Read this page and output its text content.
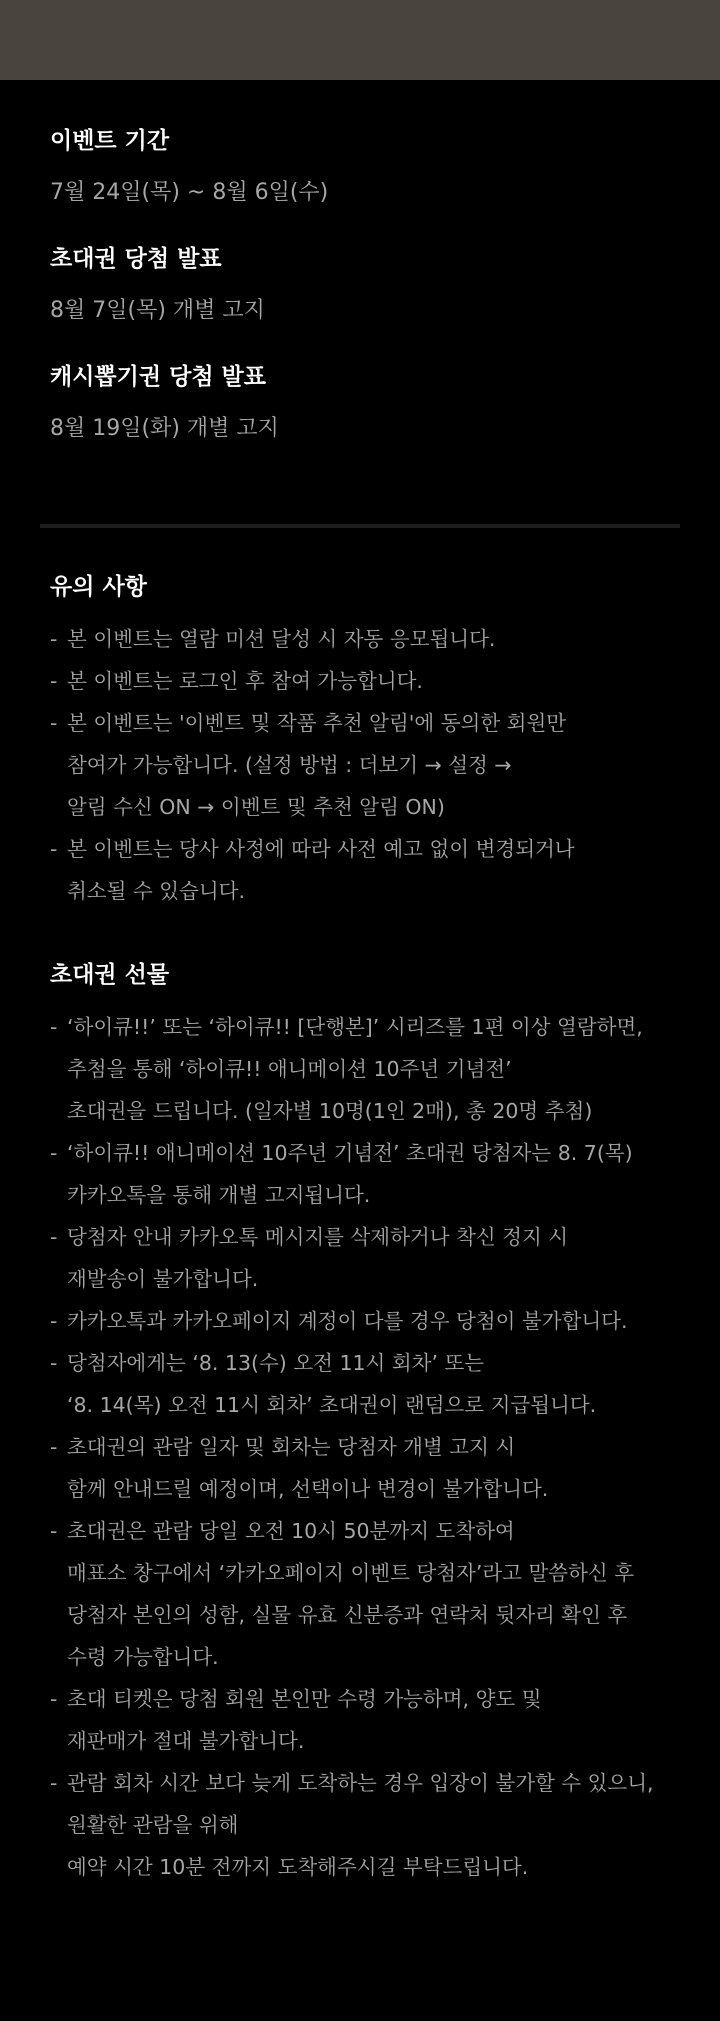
이벤트 기간

7월 24일(목) ~ 8월 6일(수)

초대권 당첨 발표

8월 7일(목) 개별 고지

캐시뽑기권 당첨 발표

8월 19일(화) 개별 고지

유의 사항

- 본 이벤트는 열람 미션 달성 시 자동 응모됩니다.
- 본 이벤트는 로그인 후 참여 가능합니다.
- 본 이벤트는 '이벤트 및 작품 추천 알림'에 동의한 회원만
참여가 가능합니다. (설정 방법 : 더보기 → 설정 →
알림 수신 ON → 이벤트 및 추천 알림 ON)
- 본 이벤트는 당사 사정에 따라 사전 예고 없이 변경되거나
취소될 수 있습니다.

초대권 선물

- ‘하이큐!!’ 또는 ‘하이큐!! [단행본]’ 시리즈를 1편 이상 열람하면,
추첨을 통해 ‘하이큐!! 애니메이션 10주년 기념전’
초대권을 드립니다. (일자별 10명(1인 2매), 총 20명 추첨)
- ‘하이큐!! 애니메이션 10주년 기념전’ 초대권 당첨자는 8. 7(목)
카카오톡을 통해 개별 고지됩니다.
- 당첨자 안내 카카오톡 메시지를 삭제하거나 착신 정지 시
재발송이 불가합니다.
- 카카오톡과 카카오페이지 계정이 다를 경우 당첨이 불가합니다.
- 당첨자에게는 ‘8. 13(수) 오전 11시 회차’ 또는
‘8. 14(목) 오전 11시 회차’ 초대권이 랜덤으로 지급됩니다.
- 초대권의 관람 일자 및 회차는 당첨자 개별 고지 시
함께 안내드릴 예정이며, 선택이나 변경이 불가합니다.
- 초대권은 관람 당일 오전 10시 50분까지 도착하여
매표소 창구에서 ‘카카오페이지 이벤트 당첨자’라고 말씀하신 후
당첨자 본인의 성함, 실물 유효 신분증과 연락처 뒷자리 확인 후
수령 가능합니다.
- 초대 티켓은 당첨 회원 본인만 수령 가능하며, 양도 및
재판매가 절대 불가합니다.
- 관람 회차 시간 보다 늦게 도착하는 경우 입장이 불가할 수 있으니,
원활한 관람을 위해
예약 시간 10분 전까지 도착해주시길 부탁드립니다.
